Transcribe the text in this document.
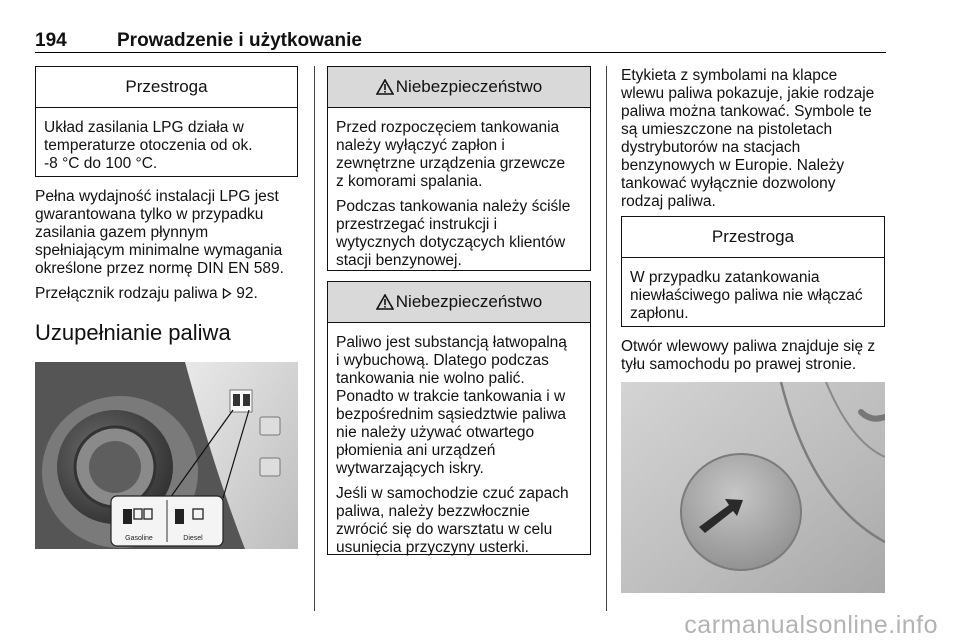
194	Prowadzenie i użytkowanie
Przestroga
Układ zasilania LPG działa w
temperaturze otoczenia od ok.
-8 °C do 100 °C.
Pełna wydajność instalacji LPG jest
gwarantowana tylko w przypadku
zasilania gazem płynnym
spełniającym minimalne wymagania
określone przez normę DIN EN 589.
Przełącznik rodzaju paliwa 92.
Uzupełnianie paliwa
Gasoline	Diesel
Niebezpieczeństwo

Przed rozpoczęciem tankowania
należy wyłączyć zapłon i
zewnętrzne urządzenia grzewcze
z komorami spalania.

Podczas tankowania należy ściśle
przestrzegać instrukcji i
wytycznych dotyczących klientów
stacji benzynowej.

Niebezpieczeństwo

Paliwo jest substancją łatwopalną
i wybuchową. Dlatego podczas
tankowania nie wolno palić.
Ponadto w trakcie tankowania i w
bezpośrednim sąsiedztwie paliwa
nie należy używać otwartego
płomienia ani urządzeń
wytwarzających iskry.

Jeśli w samochodzie czuć zapach
paliwa, należy bezzwłocznie
zwrócić się do warsztatu w celu
usunięcia przyczyny usterki.

Etykieta z symbolami na klapce
wlewu paliwa pokazuje, jakie rodzaje
paliwa można tankować. Symbole te
są umieszczone na pistoletach
dystrybutorów na stacjach
benzynowych w Europie. Należy
tankować wyłącznie dozwolony
rodzaj paliwa.
Przestroga
W przypadku zatankowania
niewłaściwego paliwa nie włączać
zapłonu.
Otwór wlewowy paliwa znajduje się z
tyłu samochodu po prawej stronie.
carmanualsonline.info
